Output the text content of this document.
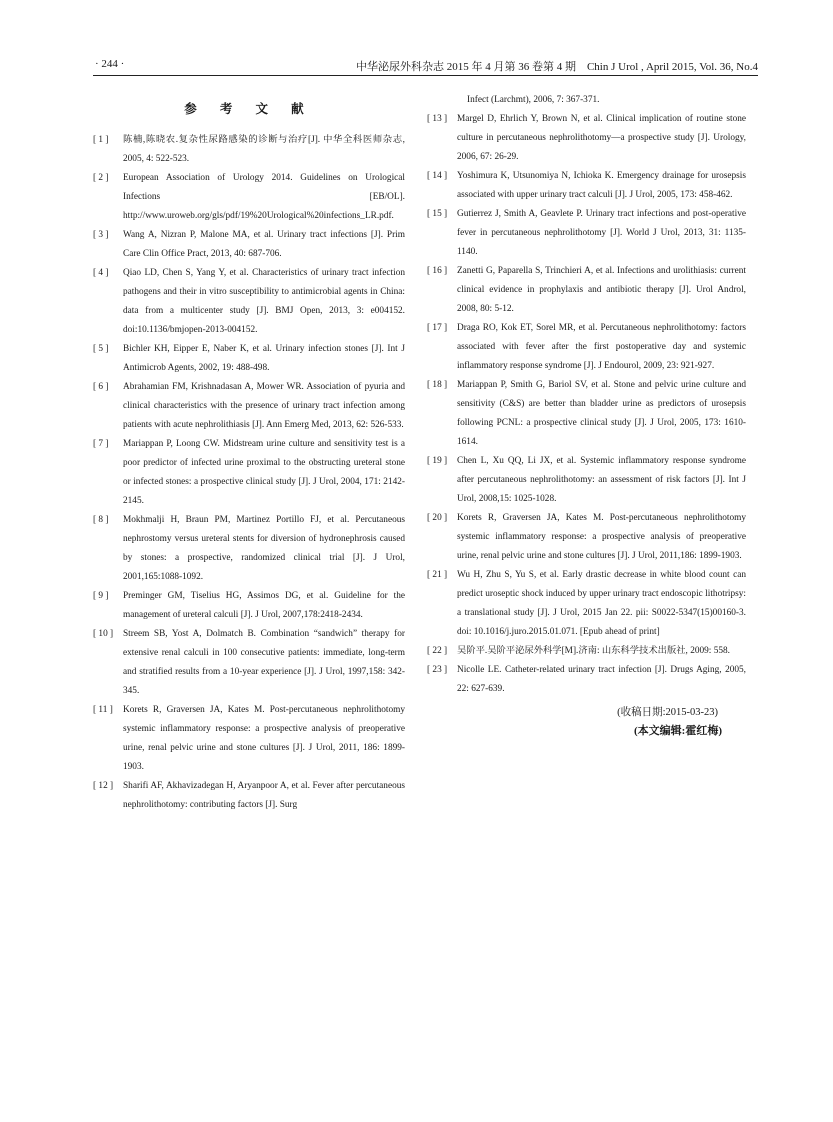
· 244 ·	中华泌尿外科杂志 2015 年 4 月第 36 卷第 4 期　Chin J Urol , April 2015, Vol. 36, No.4
参 考 文 献
[ 1 ]	陈楠,陈晓农.复杂性尿路感染的诊断与治疗[J]. 中华全科医师杂志, 2005, 4: 522-523.
[ 2 ]	European Association of Urology 2014. Guidelines on Urological Infections [EB/OL]. http://www.uroweb.org/gls/pdf/19%20Urological%20infections_LR.pdf.
[ 3 ]	Wang A, Nizran P, Malone MA, et al. Urinary tract infections [J]. Prim Care Clin Office Pract, 2013, 40: 687-706.
[ 4 ]	Qiao LD, Chen S, Yang Y, et al. Characteristics of urinary tract infection pathogens and their in vitro susceptibility to antimicrobial agents in China: data from a multicenter study [J]. BMJ Open, 2013, 3: e004152. doi:10.1136/bmjopen-2013-004152.
[ 5 ]	Bichler KH, Eipper E, Naber K, et al. Urinary infection stones [J]. Int J Antimicrob Agents, 2002, 19: 488-498.
[ 6 ]	Abrahamian FM, Krishnadasan A, Mower WR. Association of pyuria and clinical characteristics with the presence of urinary tract infection among patients with acute nephrolithiasis [J]. Ann Emerg Med, 2013, 62: 526-533.
[ 7 ]	Mariappan P, Loong CW. Midstream urine culture and sensitivity test is a poor predictor of infected urine proximal to the obstructing ureteral stone or infected stones: a prospective clinical study [J]. J Urol, 2004, 171: 2142-2145.
[ 8 ]	Mokhmalji H, Braun PM, Martinez Portillo FJ, et al. Percutaneous nephrostomy versus ureteral stents for diversion of hydronephrosis caused by stones: a prospective, randomized clinical trial [J]. J Urol, 2001,165:1088-1092.
[ 9 ]	Preminger GM, Tiselius HG, Assimos DG, et al. Guideline for the management of ureteral calculi [J]. J Urol, 2007,178:2418-2434.
[ 10 ]	Streem SB, Yost A, Dolmatch B. Combination “sandwich” therapy for extensive renal calculi in 100 consecutive patients: immediate, long-term and stratified results from a 10-year experience [J]. J Urol, 1997,158: 342-345.
[ 11 ]	Korets R, Graversen JA, Kates M. Post-percutaneous nephrolithotomy systemic inflammatory response: a prospective analysis of preoperative urine, renal pelvic urine and stone cultures [J]. J Urol, 2011, 186: 1899-1903.
[ 12 ]	Sharifi AF, Akhavizadegan H, Aryanpoor A, et al. Fever after percutaneous nephrolithotomy: contributing factors [J]. Surg
Infect (Larchmt), 2006, 7: 367-371.
[ 13 ]	Margel D, Ehrlich Y, Brown N, et al. Clinical implication of routine stone culture in percutaneous nephrolithotomy—a prospective study [J]. Urology, 2006, 67: 26-29.
[ 14 ]	Yoshimura K, Utsunomiya N, Ichioka K. Emergency drainage for urosepsis associated with upper urinary tract calculi [J]. J Urol, 2005, 173: 458-462.
[ 15 ]	Gutierrez J, Smith A, Geavlete P. Urinary tract infections and post-operative fever in percutaneous nephrolithotomy [J]. World J Urol, 2013, 31: 1135-1140.
[ 16 ]	Zanetti G, Paparella S, Trinchieri A, et al. Infections and urolithiasis: current clinical evidence in prophylaxis and antibiotic therapy [J]. Urol Androl, 2008, 80: 5-12.
[ 17 ]	Draga RO, Kok ET, Sorel MR, et al. Percutaneous nephrolithotomy: factors associated with fever after the first postoperative day and systemic inflammatory response syndrome [J]. J Endourol, 2009, 23: 921-927.
[ 18 ]	Mariappan P, Smith G, Bariol SV, et al. Stone and pelvic urine culture and sensitivity (C&S) are better than bladder urine as predictors of urosepsis following PCNL: a prospective clinical study [J]. J Urol, 2005, 173: 1610-1614.
[ 19 ]	Chen L, Xu QQ, Li JX, et al. Systemic inflammatory response syndrome after percutaneous nephrolithotomy: an assessment of risk factors [J]. Int J Urol, 2008,15: 1025-1028.
[ 20 ]	Korets R, Graversen JA, Kates M. Post-percutaneous nephrolithotomy systemic inflammatory response: a prospective analysis of preoperative urine, renal pelvic urine and stone cultures [J]. J Urol, 2011,186: 1899-1903.
[ 21 ]	Wu H, Zhu S, Yu S, et al. Early drastic decrease in white blood count can predict uroseptic shock induced by upper urinary tract endoscopic lithotripsy: a translational study [J]. J Urol, 2015 Jan 22. pii: S0022-5347(15)00160-3. doi: 10.1016/j.juro.2015.01.071. [Epub ahead of print]
[ 22 ]	吴阶平.吴阶平泌尿外科学[M].济南: 山东科学技术出版社, 2009: 558.
[ 23 ]	Nicolle LE. Catheter-related urinary tract infection [J]. Drugs Aging, 2005, 22: 627-639.
(收稿日期:2015-03-23)
(本文编辑:霍红梅)
